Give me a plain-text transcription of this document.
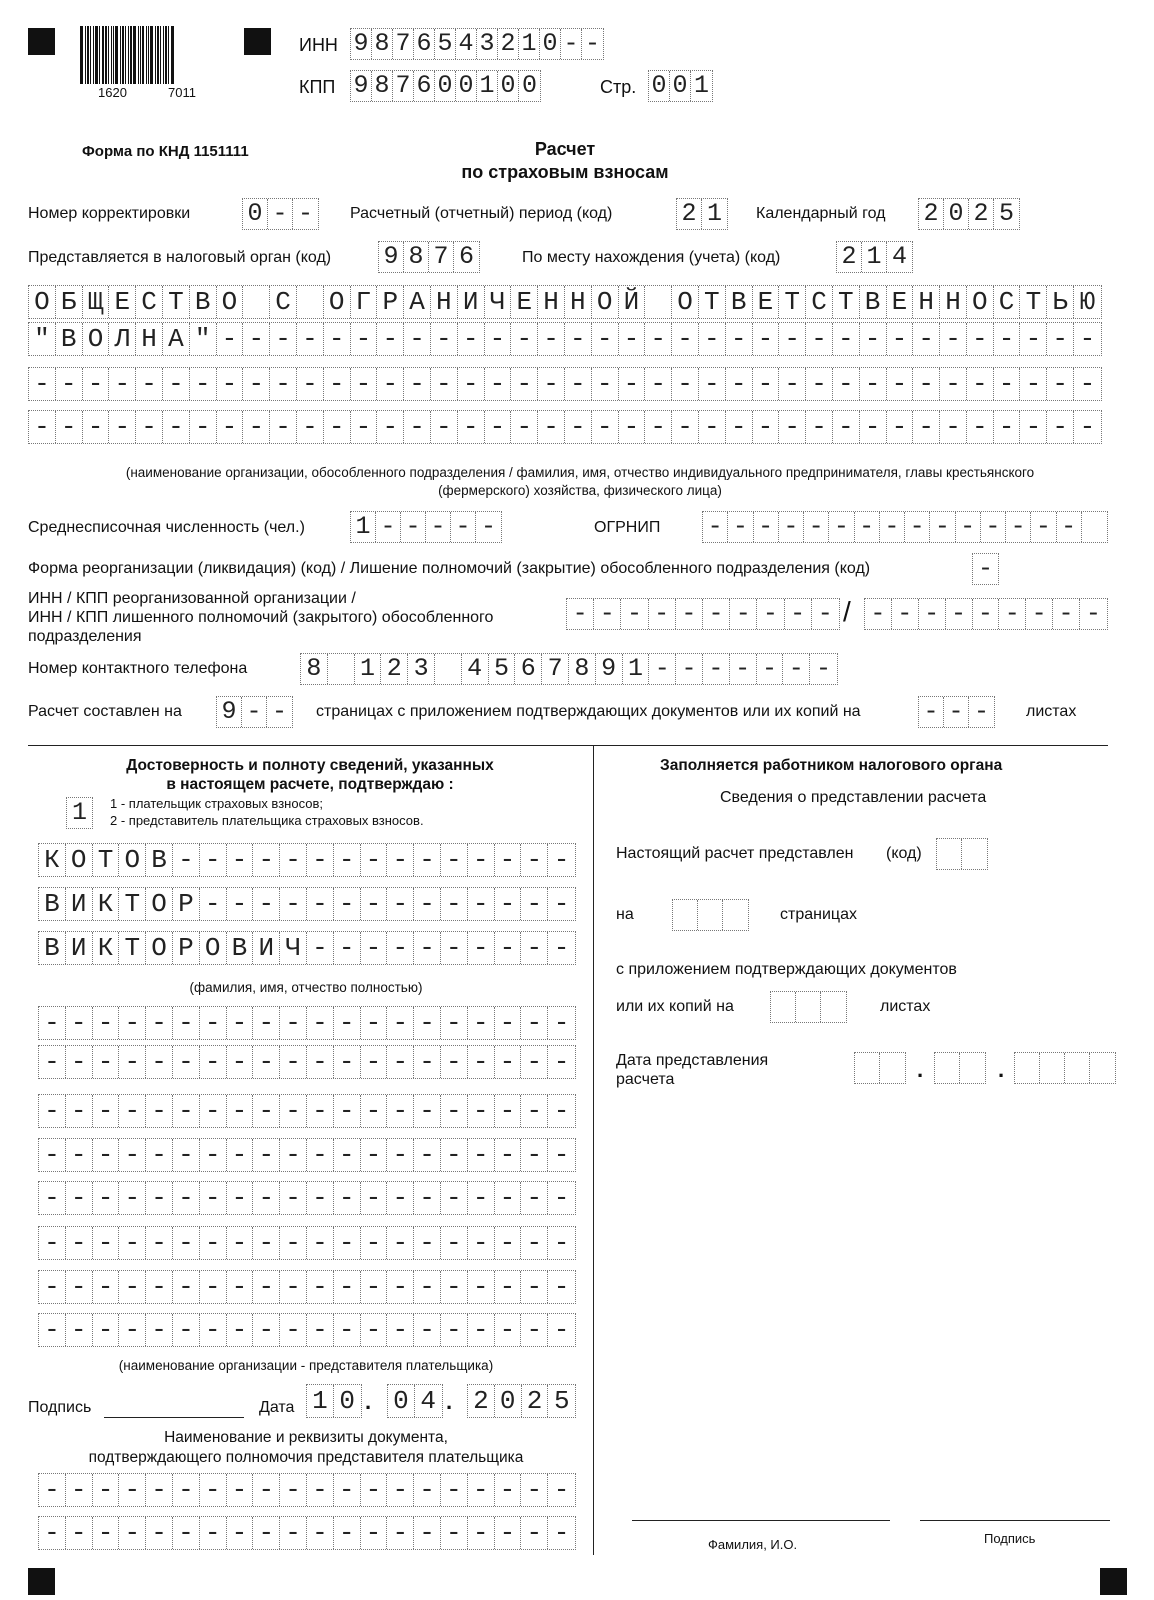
1620	7011
ИНН 9 8 7 6 5 4 3 2 1 0 - -
КПП 9 8 7 6 0 0 1 0 0	Стр. 0 0 1
Форма по КНД 1151111	Расчет
по страховым взносам
Номер корректировки 0 - -	Расчетный (отчетный) период (код)	2 1	Календарный год 2 0 2 5
Представляется в налоговый орган (код) 9 8 7 6	По месту нахождения (учета) (код) 2 1 4
О Б Щ Е С Т В О
С
О Г Р А Н И Ч Е Н Н О Й
О Т В Е Т С Т В Е Н Н О С Т Ь Ю
" В О Л Н А " - - - - - - - - - - - - - - - - - - - - - - - - - - - - - - - - -
- - - - - - - - - - - - - - - - - - - - - - - - - - - - - - - - - - - - - - - -
- - - - - - - - - - - - - - - - - - - - - - - - - - - - - - - - - - - - - - - -
(наименование организации, обособленного подразделения / фамилия, имя, отчество индивидуального предпринимателя, главы крестьянского (фермерского) хозяйства, физического лица)
Среднесписочная численность (чел.) 1 - - - - -	ОГРНИП - - - - - - - - - - - - - - -
Форма реорганизации (ликвидация) (код) / Лишение полномочий (закрытие) обособленного подразделения (код)	-
ИНН / КПП реорганизованной организации /
ИНН / КПП лишенного полномочий (закрытого) обособленного
подразделения
- - - - - - - - - - / - - - - - - - - -
Номер контактного телефона 8
1 2 3
4 5 6 7 8 9 1 - - - - - - -
Расчет составлен на 9 - -	страницах с приложением подтверждающих документов или их копий на	- - -	листах
Достоверность и полноту сведений, указанных
в настоящем расчете, подтверждаю :
1	1 - плательщик страховых взносов;
2 - представитель плательщика страховых взносов.
К О Т О В - - - - - - - - - - - - - - -
В И К Т О Р - - - - - - - - - - - - - -
В И К Т О Р О В И Ч - - - - - - - - - -
(фамилия, имя, отчество полностью)
- - - - - - - - - - - - - - - - - - - -
- - - - - - - - - - - - - - - - - - - -
- - - - - - - - - - - - - - - - - - - -
- - - - - - - - - - - - - - - - - - - -
- - - - - - - - - - - - - - - - - - - -
- - - - - - - - - - - - - - - - - - - -
- - - - - - - - - - - - - - - - - - - -
- - - - - - - - - - - - - - - - - - - -
(наименование организации - представителя плательщика)
Подпись	Дата 1 0 . 0 4 . 2 0 2 5
Наименование и реквизиты документа,
подтверждающего полномочия представителя плательщика
- - - - - - - - - - - - - - - - - - - -
- - - - - - - - - - - - - - - - - - - -
Заполняется работником налогового органа
Сведения о представлении расчета
Настоящий расчет представлен (код)
на	страницах
с приложением подтверждающих документов
или их копий на	листах
Дата представления
расчета	.	.
Фамилия, И.О.	Подпись
